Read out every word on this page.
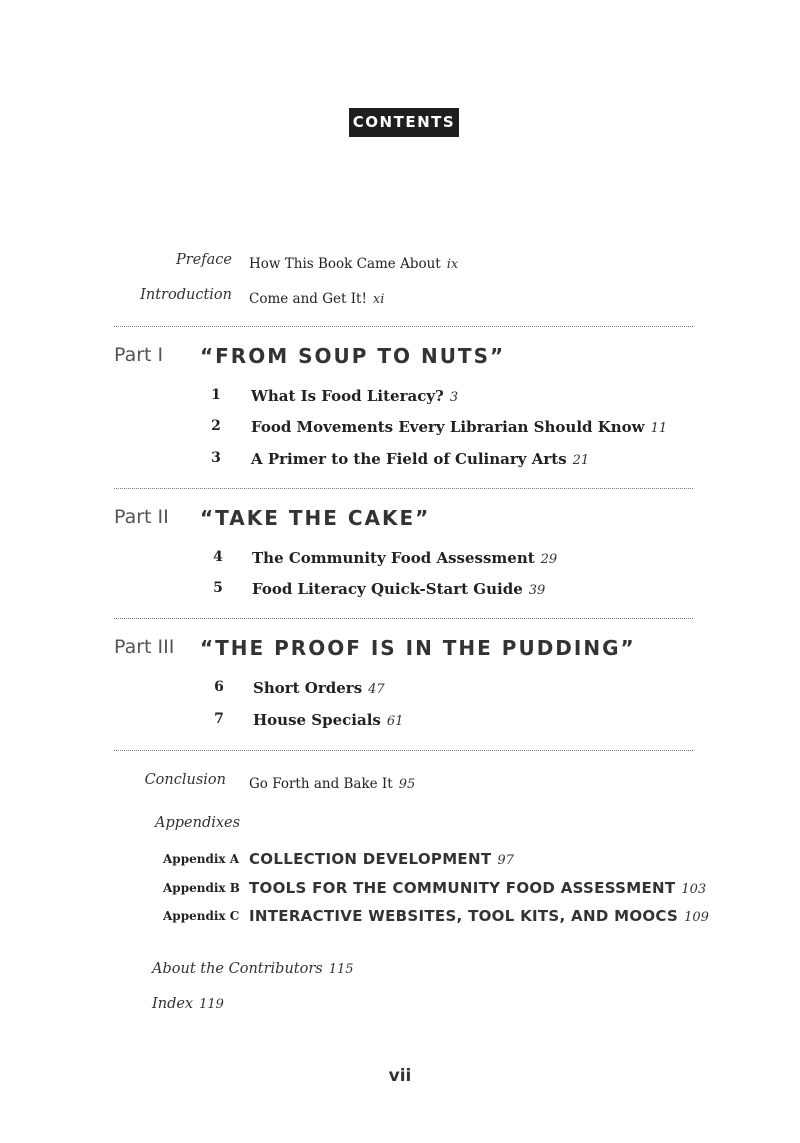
CONTENTS
Preface How This Book Came About ix
Introduction Come and Get It! xi
Part I “FROM SOUP TO NUTS”
1	What Is Food Literacy? 3
2	Food Movements Every Librarian Should Know 11
3	A Primer to the Field of Culinary Arts 21
Part II “TAKE THE CAKE”
4	The Community Food Assessment 29
5	Food Literacy Quick-Start Guide 39
Part III “THE PROOF IS IN THE PUDDING”
6	Short Orders 47
7	House Specials 61
Conclusion Go Forth and Bake It 95
Appendixes
Appendix A COLLECTION DEVELOPMENT 97
Appendix B TOOLS FOR THE COMMUNITY FOOD ASSESSMENT 103
Appendix C INTERACTIVE WEBSITES, TOOL KITS, AND MOOCS 109
About the Contributors 115
Index 119
vii
